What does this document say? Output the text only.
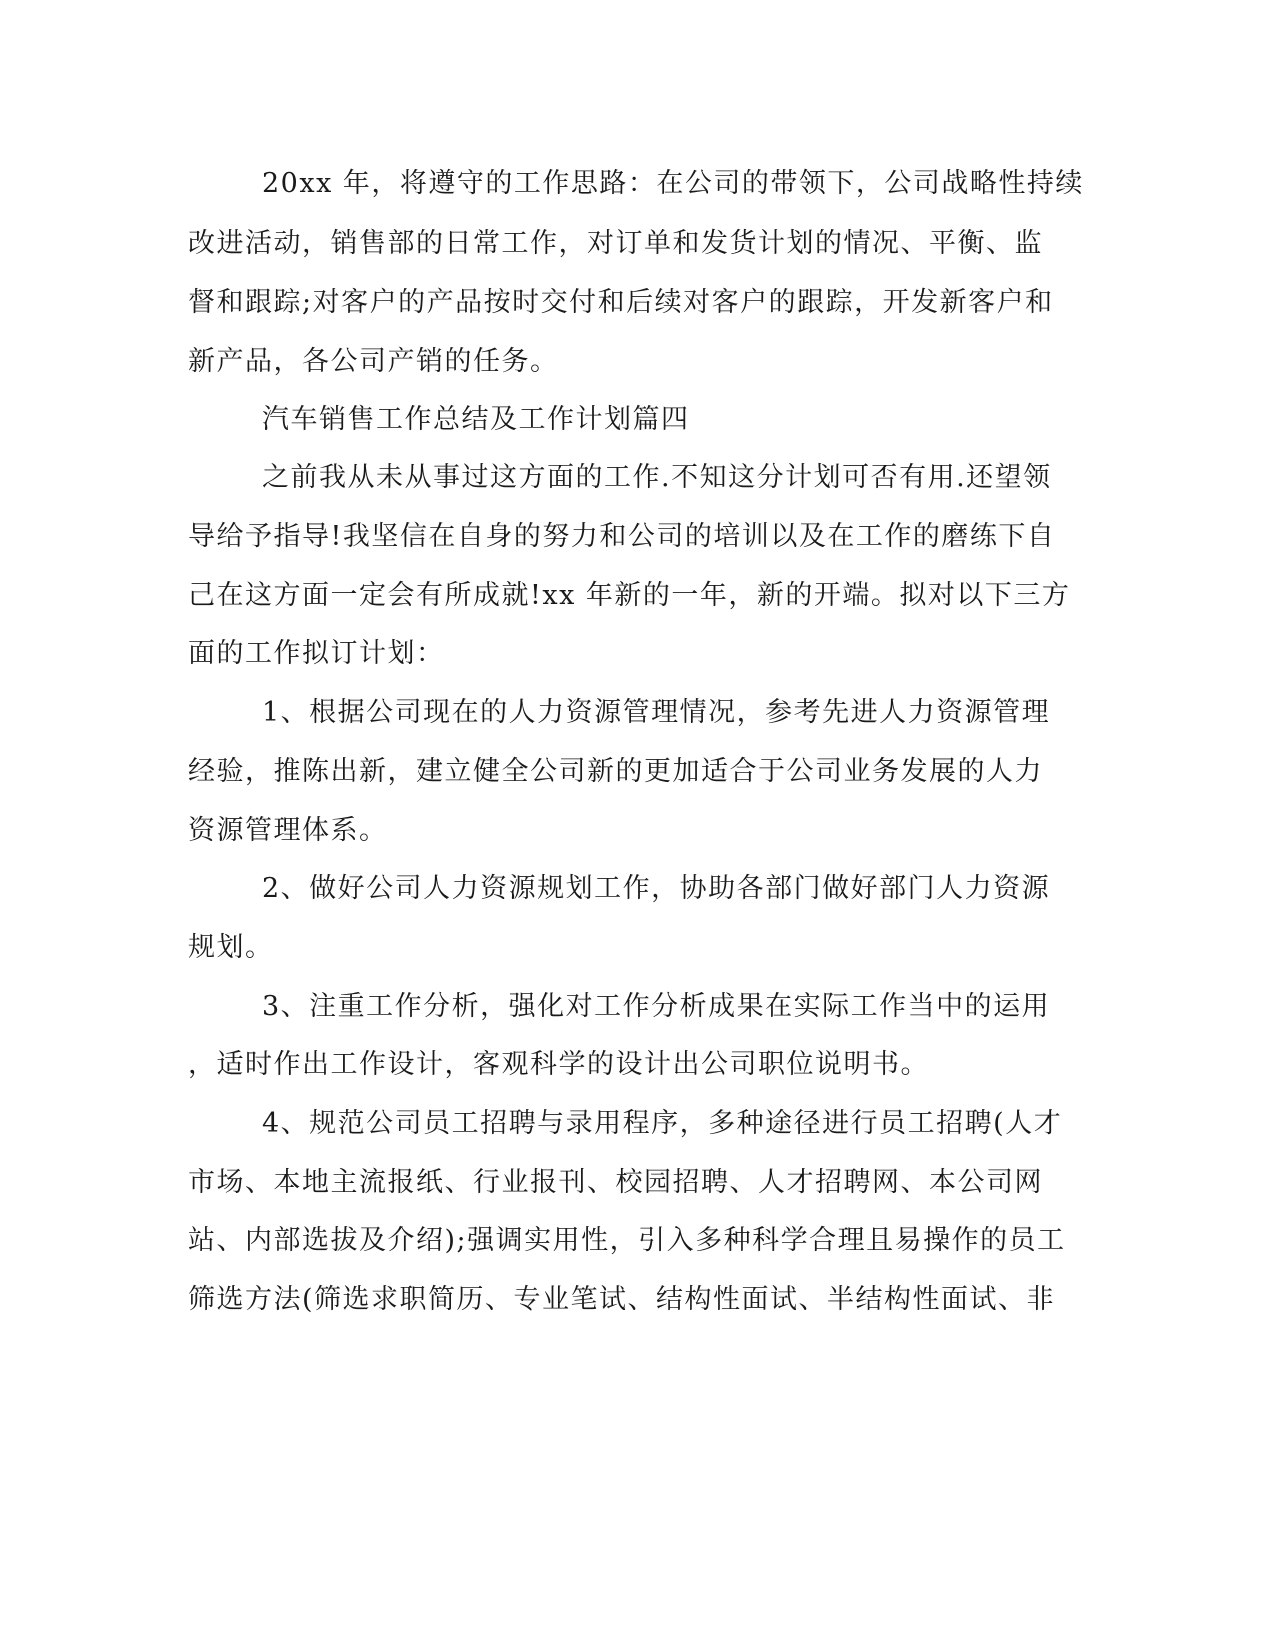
20xx 年，将遵守的工作思路：在公司的带领下，公司战略性持续
改进活动，销售部的日常工作，对订单和发货计划的情况、平衡、监
督和跟踪;对客户的产品按时交付和后续对客户的跟踪，开发新客户和
新产品，各公司产销的任务。
汽车销售工作总结及工作计划篇四
之前我从未从事过这方面的工作.不知这分计划可否有用.还望领
导给予指导!我坚信在自身的努力和公司的培训以及在工作的磨练下自
己在这方面一定会有所成就!xx 年新的一年，新的开端。拟对以下三方
面的工作拟订计划：
1、根据公司现在的人力资源管理情况，参考先进人力资源管理
经验，推陈出新，建立健全公司新的更加适合于公司业务发展的人力
资源管理体系。
2、做好公司人力资源规划工作，协助各部门做好部门人力资源
规划。
3、注重工作分析，强化对工作分析成果在实际工作当中的运用
，适时作出工作设计，客观科学的设计出公司职位说明书。
4、规范公司员工招聘与录用程序，多种途径进行员工招聘(人才
市场、本地主流报纸、行业报刊、校园招聘、人才招聘网、本公司网
站、内部选拔及介绍);强调实用性，引入多种科学合理且易操作的员工
筛选方法(筛选求职简历、专业笔试、结构性面试、半结构性面试、非
